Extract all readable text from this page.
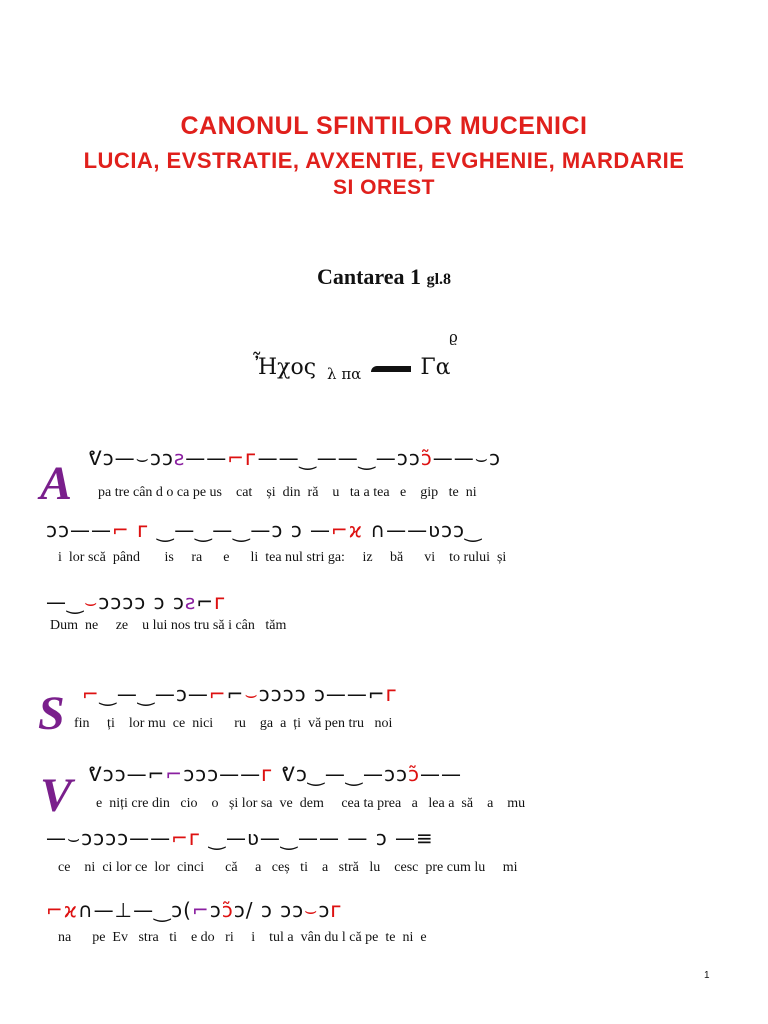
CANONUL SFINTILOR MUCENICI
LUCIA, EVSTRATIE, AVXENTIE, EVGHENIE, MARDARIE
SI OREST
Cantarea 1 gl.8
Ἦχος $_{\lambda \pi\alpha}$	Γα
ϱ
A ᕓɔ—⌣ɔɔƨ——⌐ᴦ——‿——‿—ɔɔɔ̃——⌣ɔ
pa tre cân d o ca pe us    cat    și  din  ră    u   ta a tea   e    gip   te  ni
ɔɔ——⌐ ᴦ ‿—‿—‿—ɔ ɔ —⌐ϰ ∩——ʋɔɔ‿
i  lor scă  pând       is     ra      e      li  tea nul stri ga:     iz     bă      vi    to rului  și
—‿⌣ɔɔɔɔ ɔ ɔƨ⌐ᴦ
Dum  ne     ze    u lui nos tru să i cân   tăm
S ⌐‿—‿—ɔ—⌐⌐⌣ɔɔɔɔ ɔ——⌐ᴦ
fin     ți    lor mu  ce  nici      ru    ga  a  ți  vă pen tru   noi
V ᕓɔɔ—⌐⌐ɔɔɔ——ᴦ ᕓɔ‿—‿—ɔɔɔ̃——
e  niți cre din   cio    o   și lor sa  ve  dem     cea ta prea   a   lea a  să    a    mu
—⌣ɔɔɔɔ——⌐ᴦ ‿—ʋ—‿—— — ɔ —≡
ce    ni  ci lor ce  lor  cinci      că     a   ceș   ti    a   stră   lu    cesc  pre cum lu     mi
⌐ϰ∩—⊥—‿ɔ(⌐ɔɔ̃ɔ/ ɔ ɔɔ⌣ɔᴦ
na      pe  Ev   stra   ti    e do   ri     i    tul a  vân du l că pe  te  ni  e
1
